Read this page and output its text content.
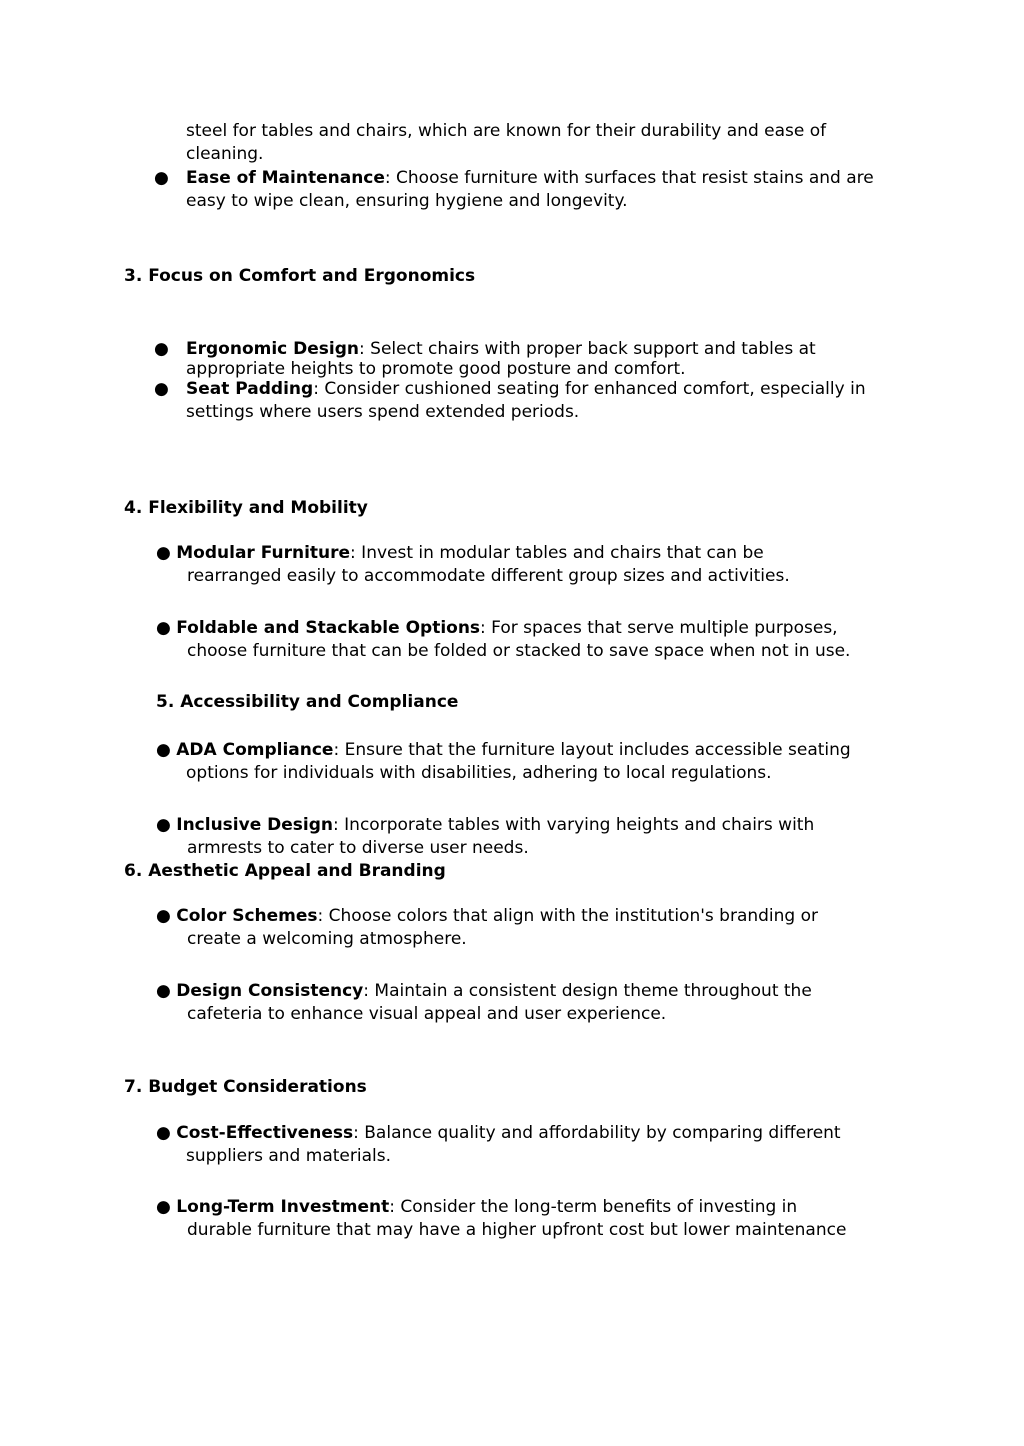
steel for tables and chairs, which are known for their durability and ease of
cleaning.
● Ease of Maintenance: Choose furniture with surfaces that resist stains and are
easy to wipe clean, ensuring hygiene and longevity.
3. Focus on Comfort and Ergonomics
● Ergonomic Design: Select chairs with proper back support and tables at
appropriate heights to promote good posture and comfort.
● Seat Padding: Consider cushioned seating for enhanced comfort, especially in
settings where users spend extended periods.
4. Flexibility and Mobility
● Modular Furniture: Invest in modular tables and chairs that can be
rearranged easily to accommodate different group sizes and activities.
● Foldable and Stackable Options: For spaces that serve multiple purposes,
choose furniture that can be folded or stacked to save space when not in use.
5. Accessibility and Compliance
● ADA Compliance: Ensure that the furniture layout includes accessible seating
options for individuals with disabilities, adhering to local regulations.
● Inclusive Design: Incorporate tables with varying heights and chairs with
armrests to cater to diverse user needs.
6. Aesthetic Appeal and Branding
● Color Schemes: Choose colors that align with the institution's branding or
create a welcoming atmosphere.
● Design Consistency: Maintain a consistent design theme throughout the
cafeteria to enhance visual appeal and user experience.
7. Budget Considerations
● Cost-Effectiveness: Balance quality and affordability by comparing different
suppliers and materials.
● Long-Term Investment: Consider the long-term benefits of investing in
durable furniture that may have a higher upfront cost but lower maintenance
